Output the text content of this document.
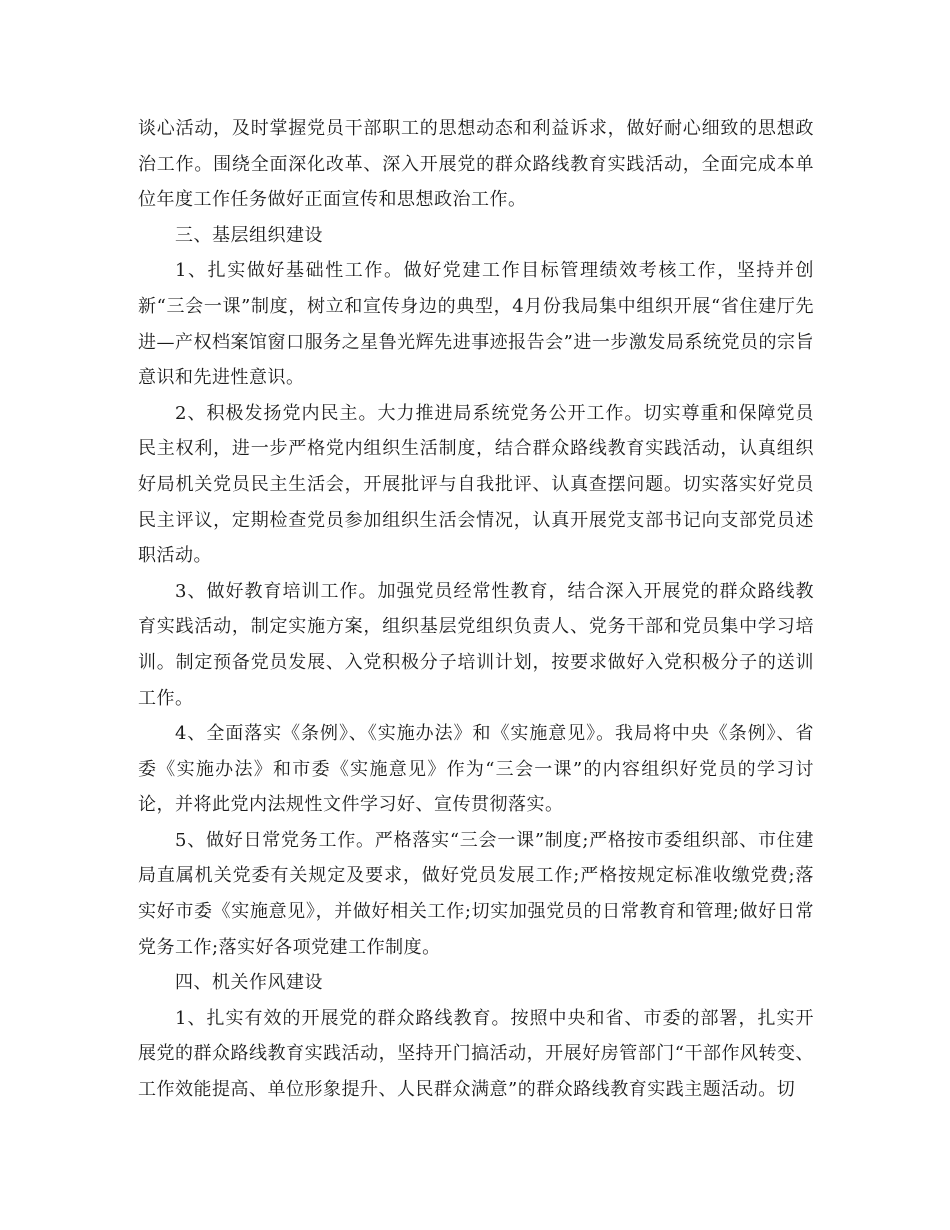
谈心活动，及时掌握党员干部职工的思想动态和利益诉求，做好耐心细致的思想政治工作。围绕全面深化改革、深入开展党的群众路线教育实践活动，全面完成本单位年度工作任务做好正面宣传和思想政治工作。

三、基层组织建设

1、扎实做好基础性工作。做好党建工作目标管理绩效考核工作，坚持并创新“三会一课”制度，树立和宣传身边的典型，4月份我局集中组织开展“省住建厅先进—产权档案馆窗口服务之星鲁光辉先进事迹报告会”进一步激发局系统党员的宗旨意识和先进性意识。

2、积极发扬党内民主。大力推进局系统党务公开工作。切实尊重和保障党员民主权利，进一步严格党内组织生活制度，结合群众路线教育实践活动，认真组织好局机关党员民主生活会，开展批评与自我批评、认真查摆问题。切实落实好党员民主评议，定期检查党员参加组织生活会情况，认真开展党支部书记向支部党员述职活动。

3、做好教育培训工作。加强党员经常性教育，结合深入开展党的群众路线教育实践活动，制定实施方案，组织基层党组织负责人、党务干部和党员集中学习培训。制定预备党员发展、入党积极分子培训计划，按要求做好入党积极分子的送训工作。

4、全面落实《条例》、《实施办法》和《实施意见》。我局将中央《条例》、省委《实施办法》和市委《实施意见》作为“三会一课”的内容组织好党员的学习讨论，并将此党内法规性文件学习好、宣传贯彻落实。

5、做好日常党务工作。严格落实“三会一课”制度;严格按市委组织部、市住建局直属机关党委有关规定及要求，做好党员发展工作;严格按规定标准收缴党费;落实好市委《实施意见》，并做好相关工作;切实加强党员的日常教育和管理;做好日常党务工作;落实好各项党建工作制度。

四、机关作风建设

1、扎实有效的开展党的群众路线教育。按照中央和省、市委的部署，扎实开展党的群众路线教育实践活动，坚持开门搞活动，开展好房管部门“干部作风转变、工作效能提高、单位形象提升、人民群众满意”的群众路线教育实践主题活动。切
